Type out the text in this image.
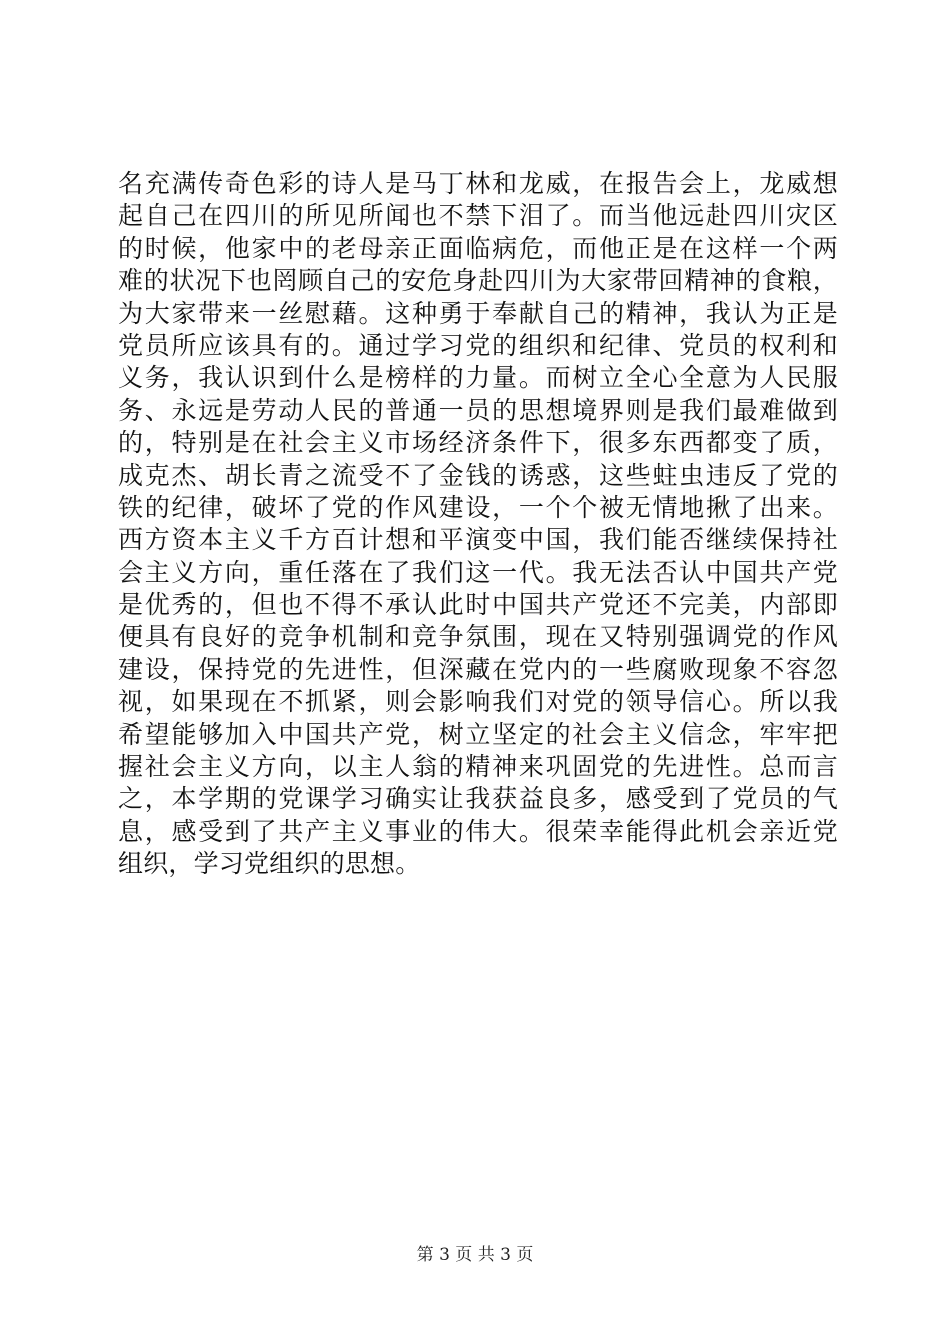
名充满传奇色彩的诗人是马丁林和龙威，在报告会上，龙威想
起自己在四川的所见所闻也不禁下泪了。而当他远赴四川灾区
的时候，他家中的老母亲正面临病危，而他正是在这样一个两
难的状况下也罔顾自己的安危身赴四川为大家带回精神的食粮，
为大家带来一丝慰藉。这种勇于奉献自己的精神，我认为正是
党员所应该具有的。通过学习党的组织和纪律、党员的权利和
义务，我认识到什么是榜样的力量。而树立全心全意为人民服
务、永远是劳动人民的普通一员的思想境界则是我们最难做到
的，特别是在社会主义市场经济条件下，很多东西都变了质，
成克杰、胡长青之流受不了金钱的诱惑，这些蛀虫违反了党的
铁的纪律，破坏了党的作风建设，一个个被无情地揪了出来。
西方资本主义千方百计想和平演变中国，我们能否继续保持社
会主义方向，重任落在了我们这一代。我无法否认中国共产党
是优秀的，但也不得不承认此时中国共产党还不完美，内部即
便具有良好的竞争机制和竞争氛围，现在又特别强调党的作风
建设，保持党的先进性，但深藏在党内的一些腐败现象不容忽
视，如果现在不抓紧，则会影响我们对党的领导信心。所以我
希望能够加入中国共产党，树立坚定的社会主义信念，牢牢把
握社会主义方向，以主人翁的精神来巩固党的先进性。总而言
之，本学期的党课学习确实让我获益良多，感受到了党员的气
息，感受到了共产主义事业的伟大。很荣幸能得此机会亲近党
组织，学习党组织的思想。
第 3 页 共 3 页
